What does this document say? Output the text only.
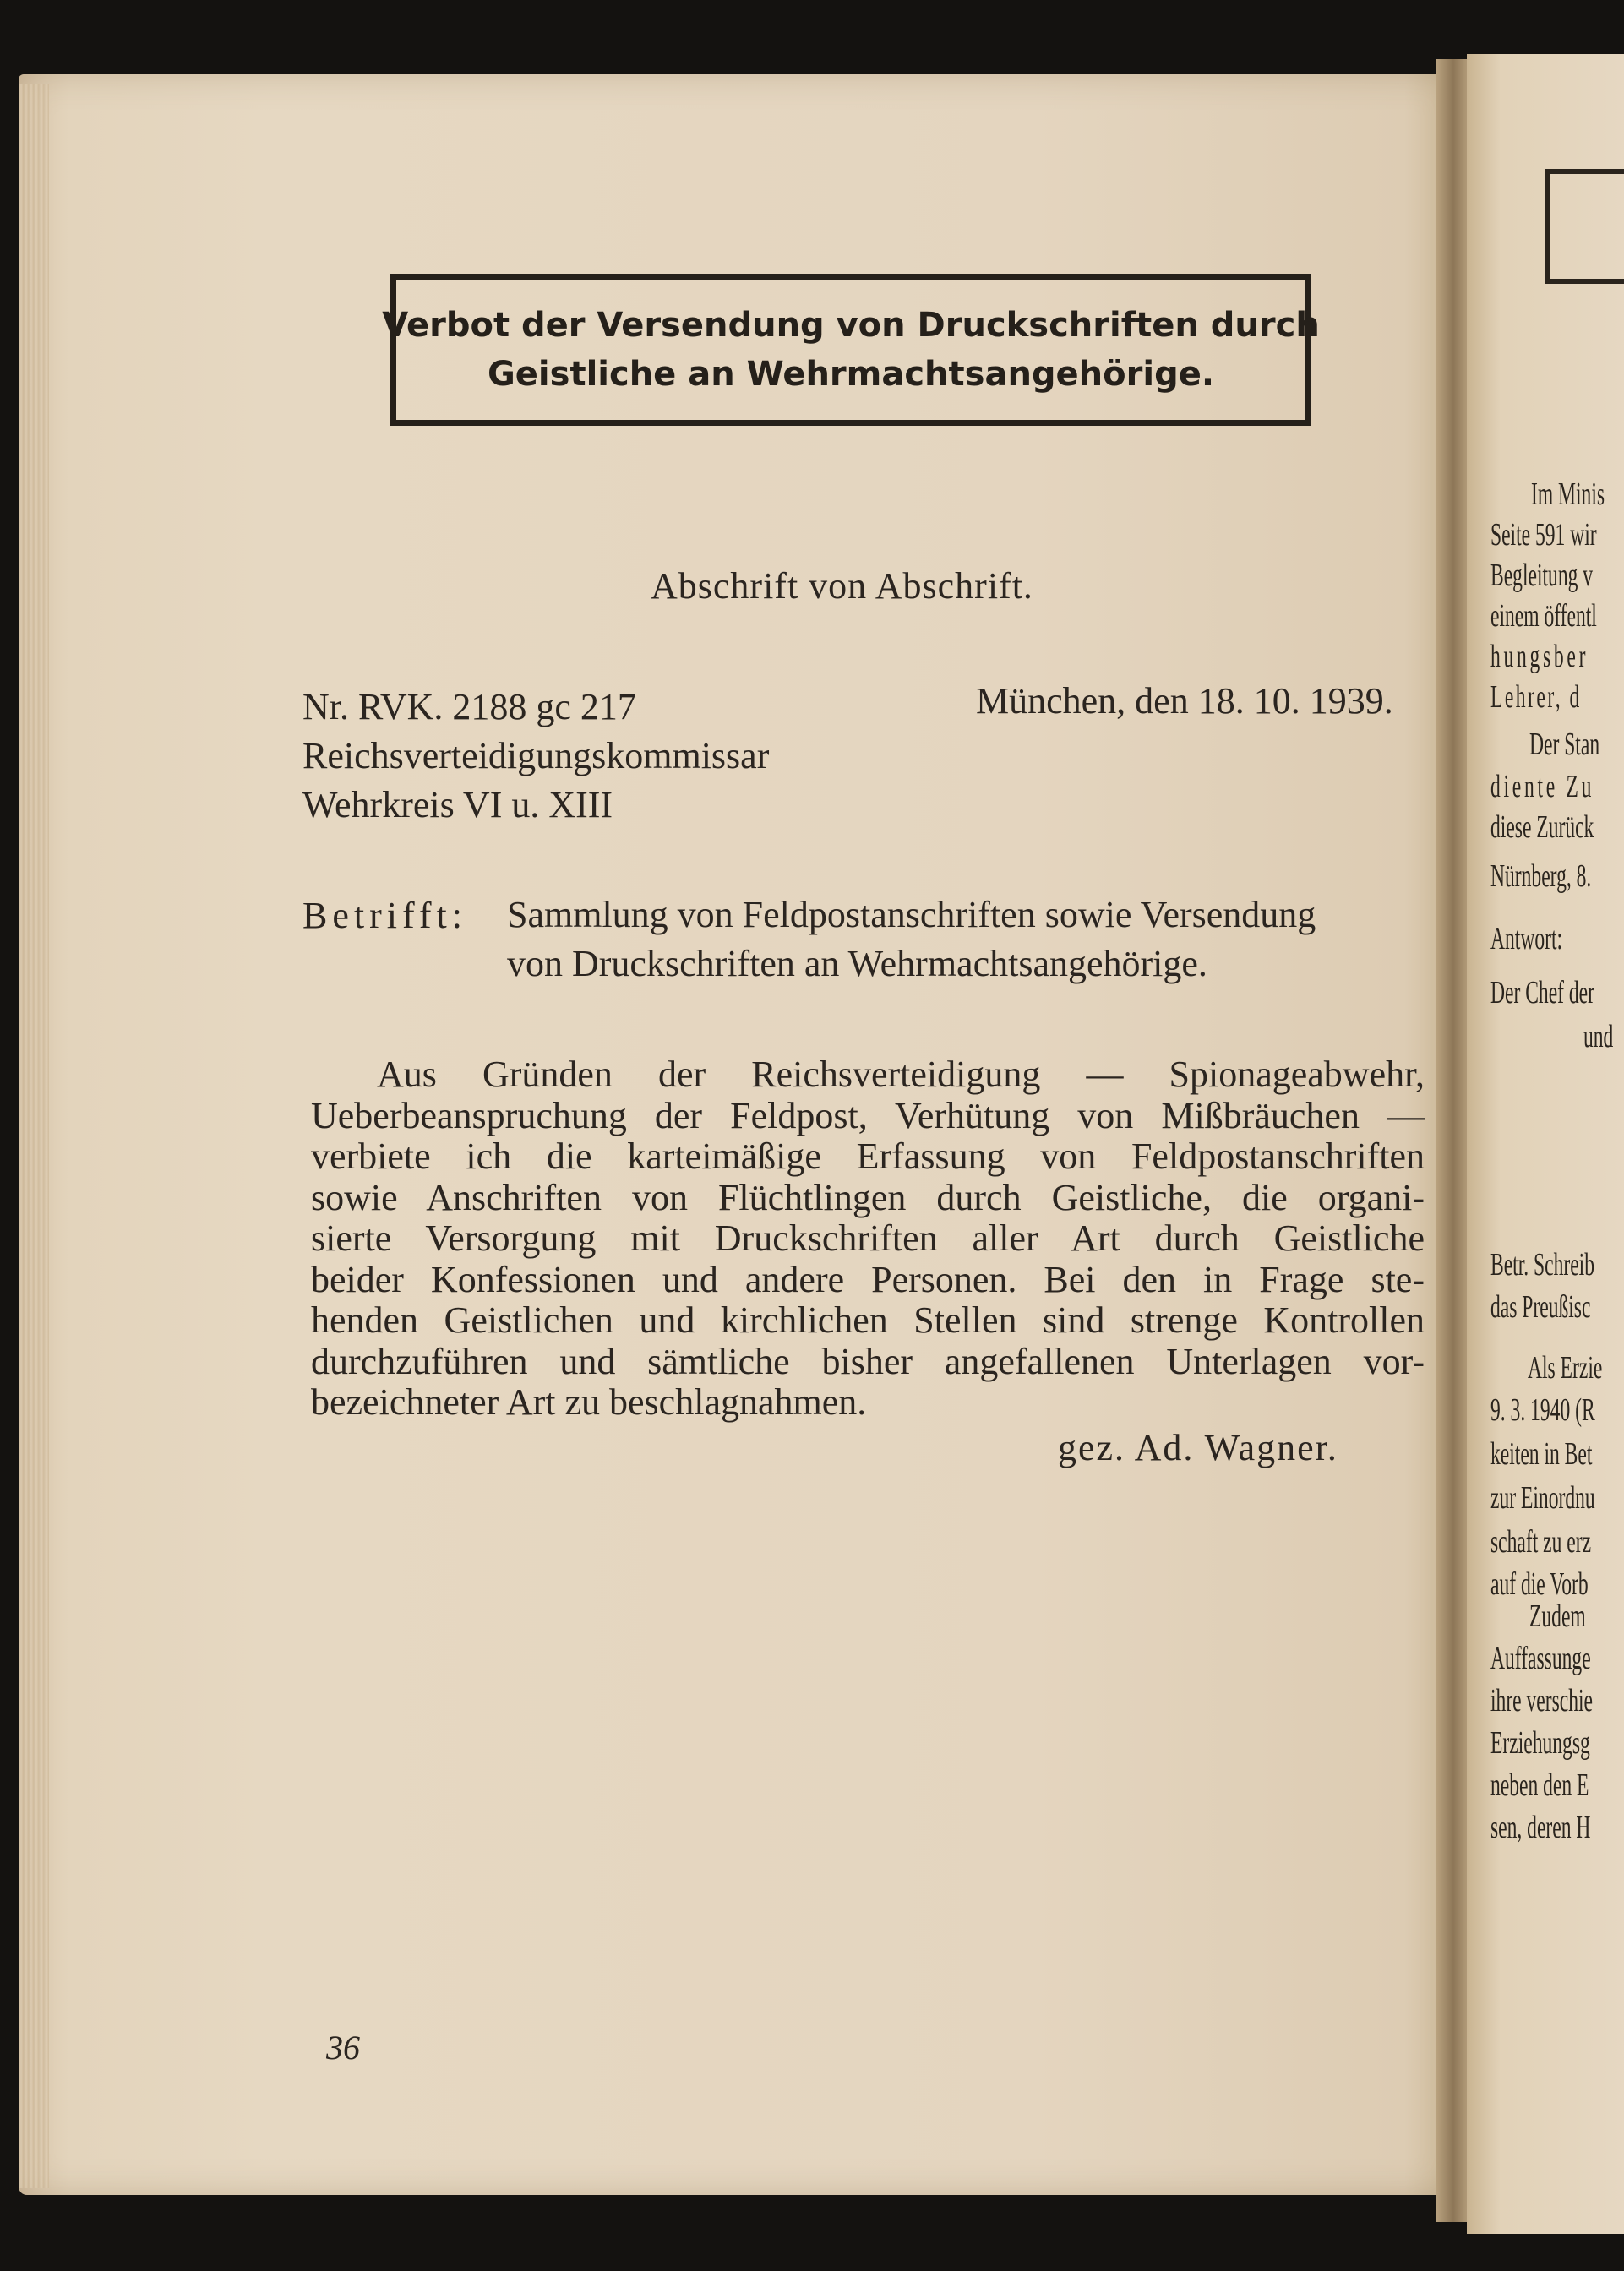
Im Minis
Seite 591 wir
Begleitung v
einem öffentl
hungsber
Lehrer, d
Der Stan
diente Zu
diese Zurück
Nürnberg, 8.
Antwort:
Der Chef der
und
Betr. Schreib
das Preußisc
Als Erzie
9. 3. 1940 (R
keiten in Bet
zur Einordnu
schaft zu erz
auf die Vorb
Zudem
Auffassunge
ihre verschie
Erziehungsg
neben den E
sen, deren H
Verbot der Versendung von Druckschriften durch
Geistliche an Wehrmachtsangehörige.
Abschrift von Abschrift.
Nr. RVK. 2188 gc 217
Reichsverteidigungskommissar
Wehrkreis VI u. XIII
München, den 18. 10. 1939.
Betrifft: Sammlung von Feldpostanschriften sowie Versendung
von Druckschriften an Wehrmachtsangehörige.
Aus Gründen der Reichsverteidigung — Spionageabwehr,
Ueberbeanspruchung der Feldpost, Verhütung von Mißbräuchen —
verbiete ich die karteimäßige Erfassung von Feldpostanschriften
sowie Anschriften von Flüchtlingen durch Geistliche, die organi-
sierte Versorgung mit Druckschriften aller Art durch Geistliche
beider Konfessionen und andere Personen. Bei den in Frage ste-
henden Geistlichen und kirchlichen Stellen sind strenge Kontrollen
durchzuführen und sämtliche bisher angefallenen Unterlagen vor-
bezeichneter Art zu beschlagnahmen.
gez. Ad. Wagner.
36
